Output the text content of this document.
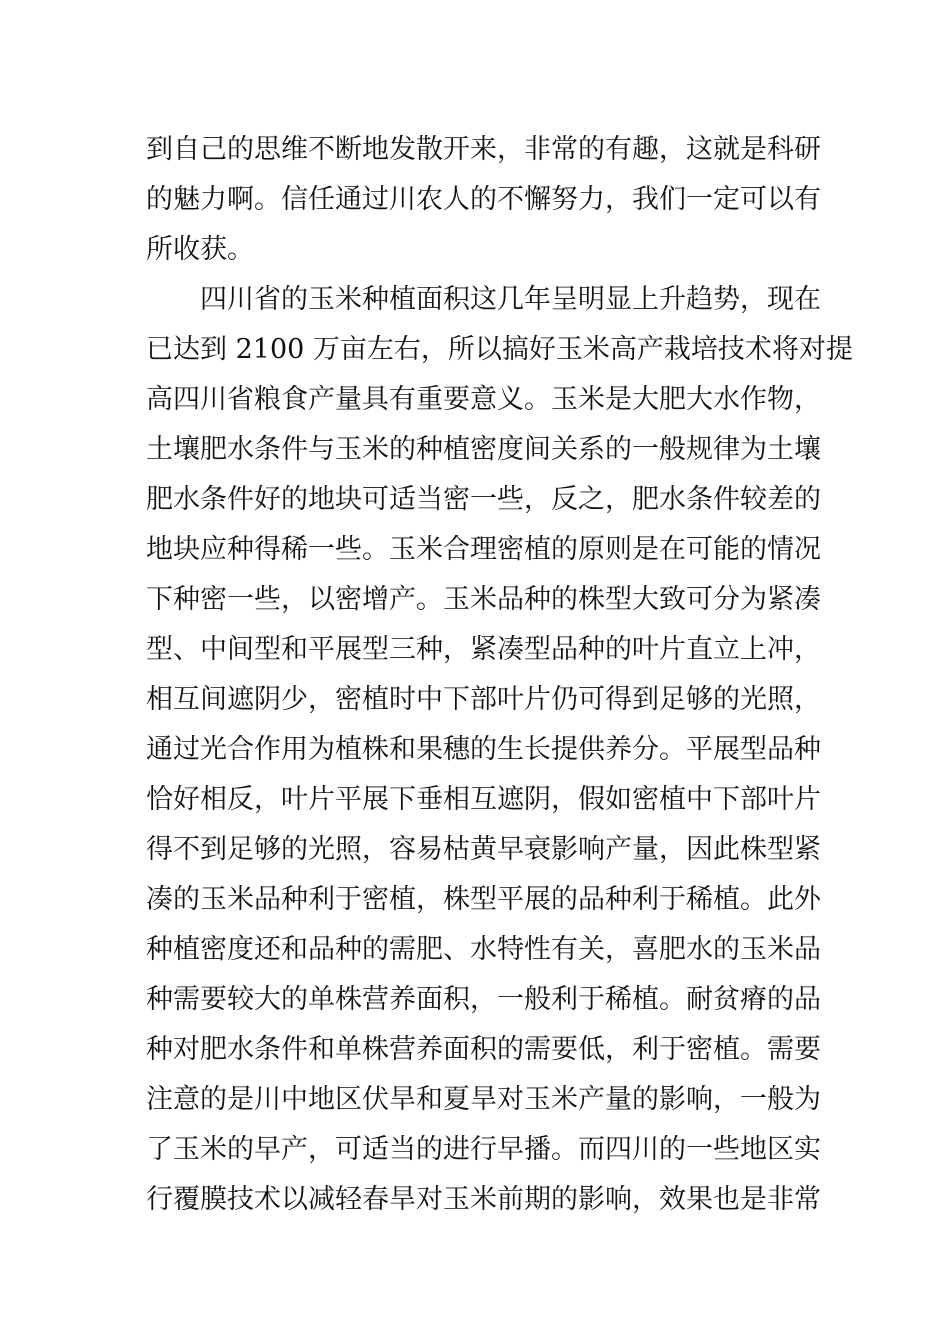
到自己的思维不断地发散开来，非常的有趣，这就是科研
的魅力啊。信任通过川农人的不懈努力，我们一定可以有
所收获。
四川省的玉米种植面积这几年呈明显上升趋势，现在
已达到 2100 万亩左右，所以搞好玉米高产栽培技术将对提
高四川省粮食产量具有重要意义。玉米是大肥大水作物，
土壤肥水条件与玉米的种植密度间关系的一般规律为土壤
肥水条件好的地块可适当密一些，反之，肥水条件较差的
地块应种得稀一些。玉米合理密植的原则是在可能的情况
下种密一些，以密增产。玉米品种的株型大致可分为紧凑
型、中间型和平展型三种，紧凑型品种的叶片直立上冲，
相互间遮阴少，密植时中下部叶片仍可得到足够的光照，
通过光合作用为植株和果穗的生长提供养分。平展型品种
恰好相反，叶片平展下垂相互遮阴，假如密植中下部叶片
得不到足够的光照，容易枯黄早衰影响产量，因此株型紧
凑的玉米品种利于密植，株型平展的品种利于稀植。此外
种植密度还和品种的需肥、水特性有关，喜肥水的玉米品
种需要较大的单株营养面积，一般利于稀植。耐贫瘠的品
种对肥水条件和单株营养面积的需要低，利于密植。需要
注意的是川中地区伏旱和夏旱对玉米产量的影响，一般为
了玉米的早产，可适当的进行早播。而四川的一些地区实
行覆膜技术以减轻春旱对玉米前期的影响，效果也是非常
